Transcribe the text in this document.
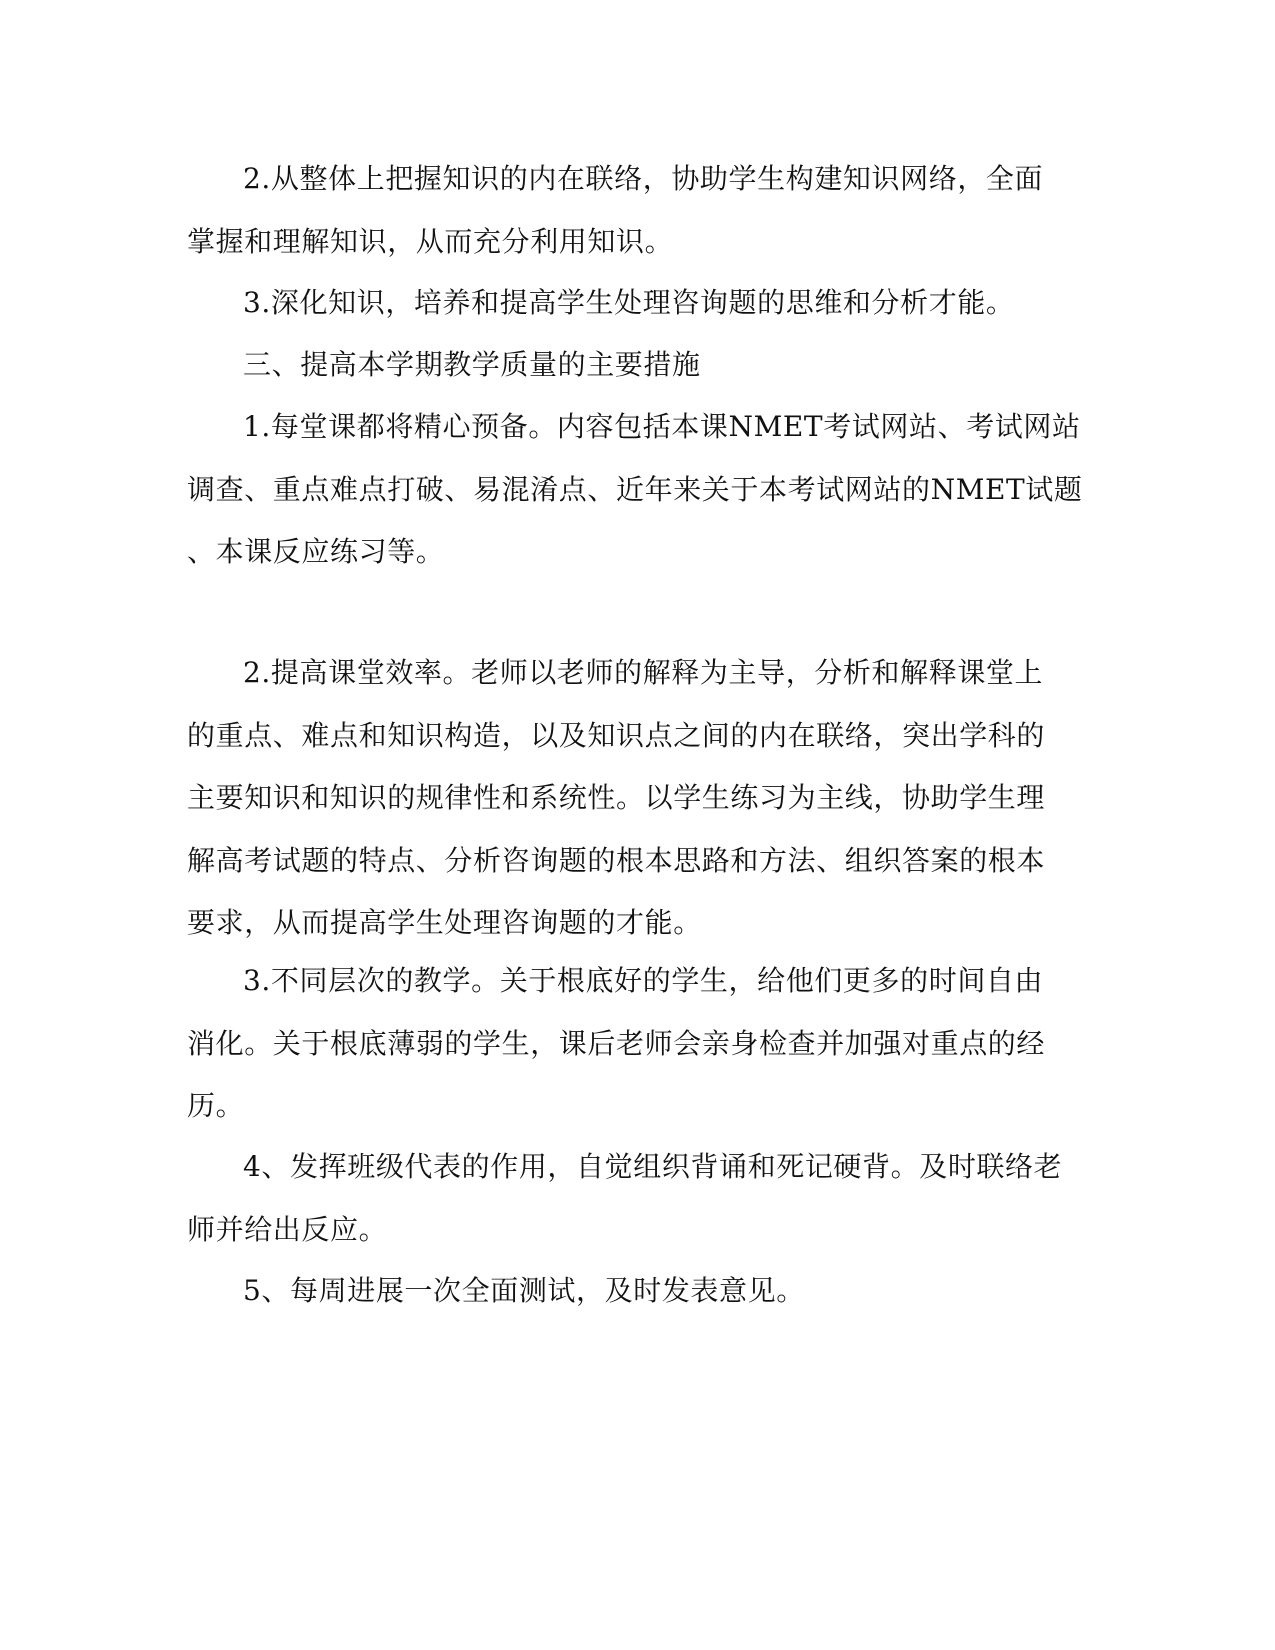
2.从整体上把握知识的内在联络，协助学生构建知识网络，全面
掌握和理解知识，从而充分利用知识。
3.深化知识，培养和提高学生处理咨询题的思维和分析才能。
三、提高本学期教学质量的主要措施
1.每堂课都将精心预备。内容包括本课NMET考试网站、考试网站
调查、重点难点打破、易混淆点、近年来关于本考试网站的NMET试题
、本课反应练习等。
2.提高课堂效率。老师以老师的解释为主导，分析和解释课堂上
的重点、难点和知识构造，以及知识点之间的内在联络，突出学科的
主要知识和知识的规律性和系统性。以学生练习为主线，协助学生理
解高考试题的特点、分析咨询题的根本思路和方法、组织答案的根本
要求，从而提高学生处理咨询题的才能。
3.不同层次的教学。关于根底好的学生，给他们更多的时间自由
消化。关于根底薄弱的学生，课后老师会亲身检查并加强对重点的经
历。
4、发挥班级代表的作用，自觉组织背诵和死记硬背。及时联络老
师并给出反应。
5、每周进展一次全面测试，及时发表意见。
